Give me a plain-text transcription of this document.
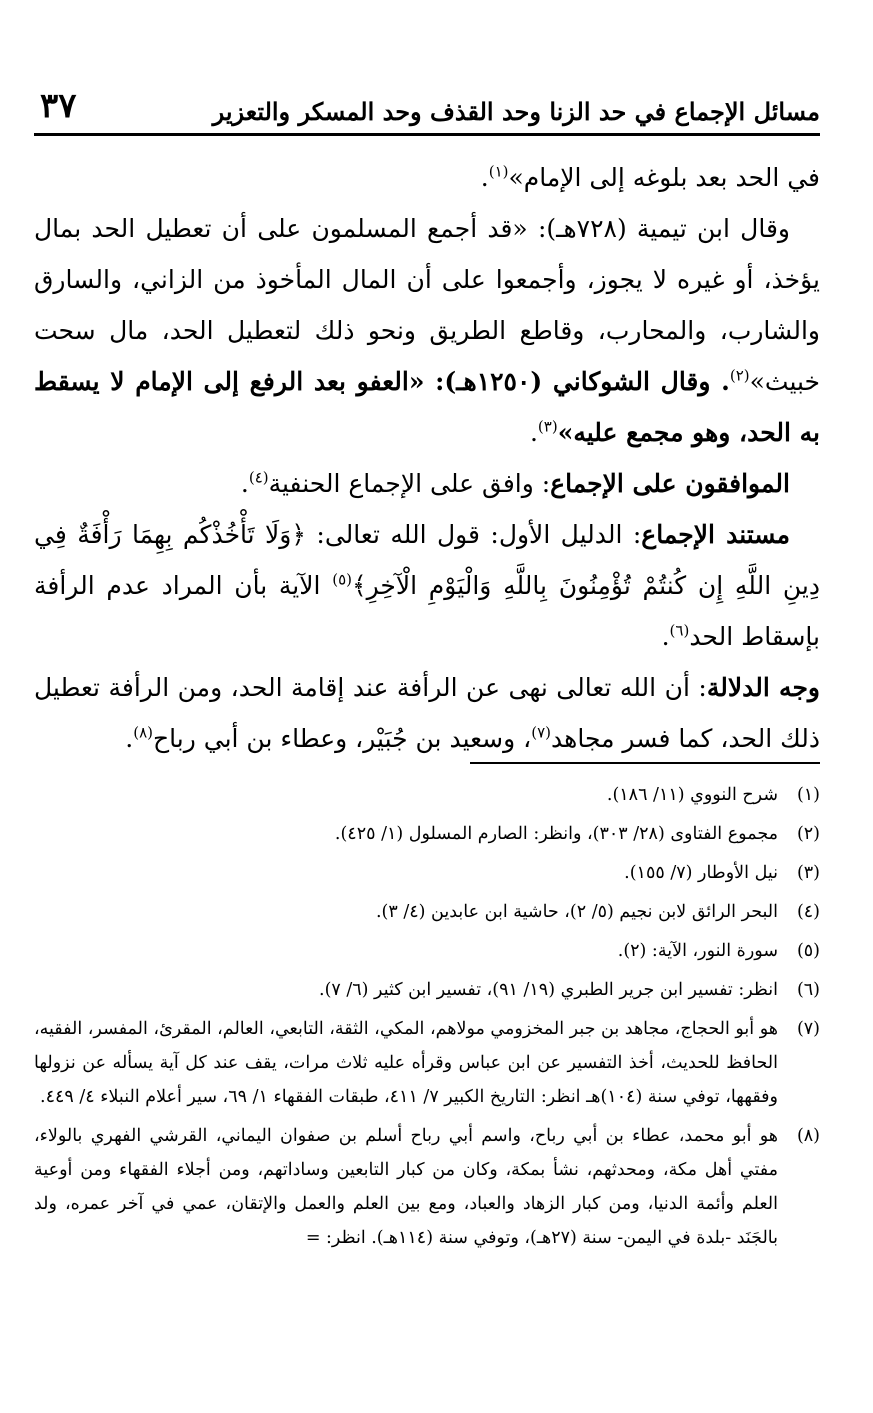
مسائل الإجماع في حد الزنا وحد القذف وحد المسكر والتعزير
٣٧

في الحد بعد بلوغه إلى الإمام»$^{(١)}$.

وقال ابن تيمية (٧٢٨هـ): «قد أجمع المسلمون على أن تعطيل الحد بمال يؤخذ، أو غيره لا يجوز، وأجمعوا على أن المال المأخوذ من الزاني، والسارق والشارب، والمحارب، وقاطع الطريق ونحو ذلك لتعطيل الحد، مال سحت خبيث»$^{(٢)}$. وقال الشوكاني (١٢٥٠هـ): «العفو بعد الرفع إلى الإمام لا يسقط به الحد، وهو مجمع عليه»$^{(٣)}$.

الموافقون على الإجماع: وافق على الإجماع الحنفية$^{(٤)}$.

مستند الإجماع: الدليل الأول: قول الله تعالى: ﴿وَلَا تَأْخُذْكُم بِهِمَا رَأْفَةٌ فِي دِينِ اللَّهِ إِن كُنتُمْ تُؤْمِنُونَ بِاللَّهِ وَالْيَوْمِ الْآخِرِ﴾$^{(٥)}$ الآية بأن المراد عدم الرأفة بإسقاط الحد$^{(٦)}$.

وجه الدلالة: أن الله تعالى نهى عن الرأفة عند إقامة الحد، ومن الرأفة تعطيل ذلك الحد، كما فسر مجاهد$^{(٧)}$، وسعيد بن جُبَيْر، وعطاء بن أبي رباح$^{(٨)}$.

(١)
شرح النووي (١١/ ١٨٦).
(٢)
مجموع الفتاوى (٢٨/ ٣٠٣)، وانظر: الصارم المسلول (١/ ٤٢٥).
(٣)
نيل الأوطار (٧/ ١٥٥).
(٤)
البحر الرائق لابن نجيم (٥/ ٢)، حاشية ابن عابدين (٤/ ٣).
(٥)
سورة النور، الآية: (٢).
(٦)
انظر: تفسير ابن جرير الطبري (١٩/ ٩١)، تفسير ابن كثير (٦/ ٧).
(٧)
هو أبو الحجاج، مجاهد بن جبر المخزومي مولاهم، المكي، الثقة، التابعي، العالم، المقرئ، المفسر، الفقيه، الحافظ للحديث، أخذ التفسير عن ابن عباس وقرأه عليه ثلاث مرات، يقف عند كل آية يسأله عن نزولها وفقهها، توفي سنة (١٠٤)هـ انظر: التاريخ الكبير ٧/ ٤١١، طبقات الفقهاء ١/ ٦٩، سير أعلام النبلاء ٤/ ٤٤٩.
(٨)
هو أبو محمد، عطاء بن أبي رباح، واسم أبي رباح أسلم بن صفوان اليماني، القرشي الفهري بالولاء، مفتي أهل مكة، ومحدثهم، نشأ بمكة، وكان من كبار التابعين وساداتهم، ومن أجلاء الفقهاء ومن أوعية العلم وأئمة الدنيا، ومن كبار الزهاد والعباد، ومع بين العلم والعمل والإتقان، عمي في آخر عمره، ولد بالجَنَد -بلدة في اليمن- سنة (٢٧هـ)، وتوفي سنة (١١٤هـ). انظر: =
